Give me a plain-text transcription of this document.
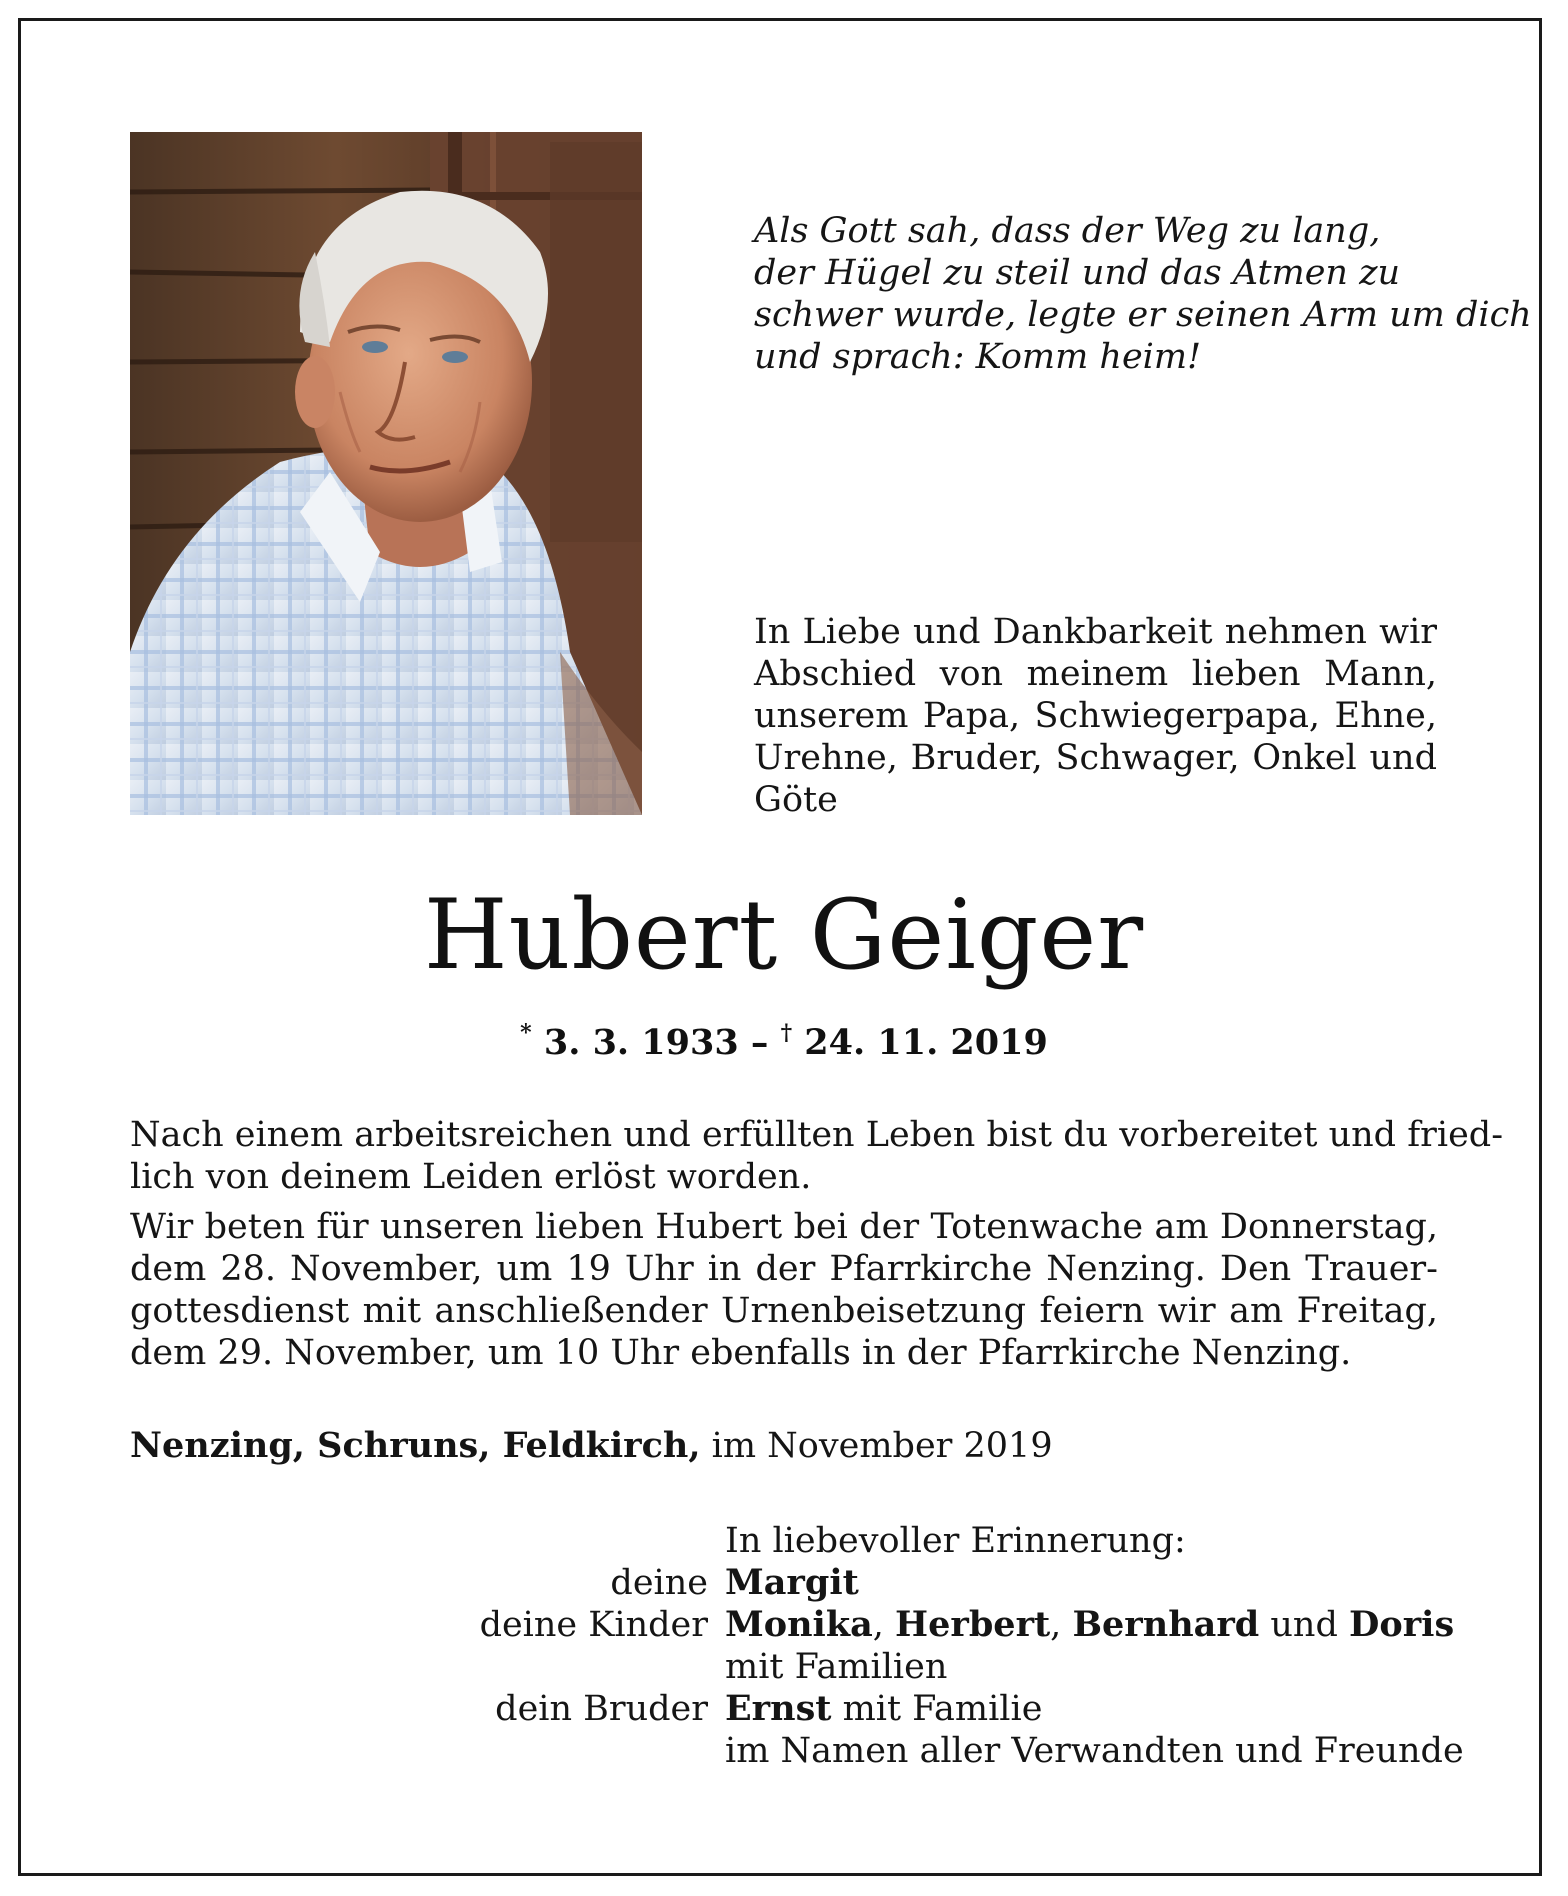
Als Gott sah, dass der Weg zu lang,
der Hügel zu steil und das Atmen zu
schwer wurde, legte er seinen Arm um dich
und sprach: Komm heim!
In Liebe und Dankbarkeit nehmen wir
Abschied von meinem lieben Mann,
unserem Papa, Schwiegerpapa, Ehne,
Urehne, Bruder, Schwager, Onkel und
Göte
Hubert Geiger
* 3. 3. 1933 – † 24. 11. 2019
Nach einem arbeitsreichen und erfüllten Leben bist du vorbereitet und fried-
lich von deinem Leiden erlöst worden.
Wir beten für unseren lieben Hubert bei der Totenwache am Donnerstag,
dem 28. November, um 19 Uhr in der Pfarrkirche Nenzing. Den Trauer-
gottesdienst mit anschließender Urnenbeisetzung feiern wir am Freitag,
dem 29. November, um 10 Uhr ebenfalls in der Pfarrkirche Nenzing.
Nenzing, Schruns, Feldkirch, im November 2019
In liebevoller Erinnerung:
deine Margit
deine Kinder Monika, Herbert, Bernhard und Doris
mit Familien
dein Bruder Ernst mit Familie
im Namen aller Verwandten und Freunde
